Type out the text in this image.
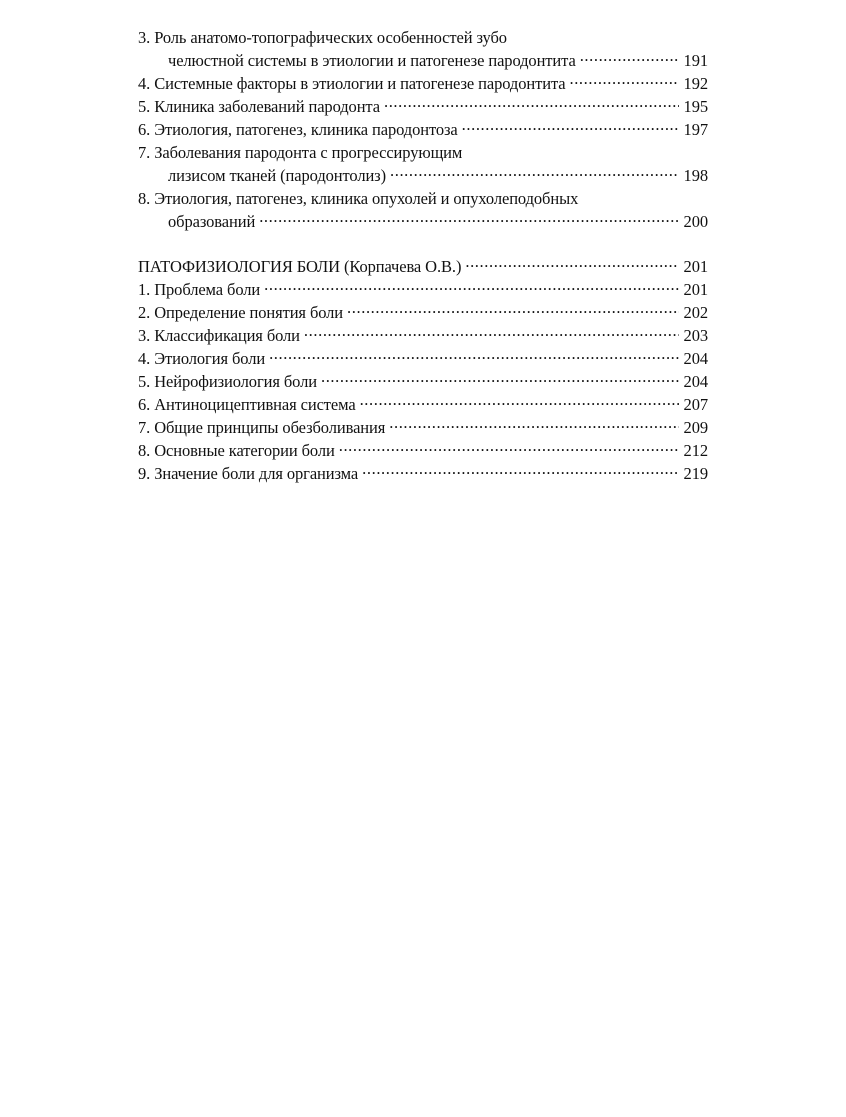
3. Роль анатомо-топографических особенностей зубо
челюстной системы в этиологии и патогенезе пародонтита .....	191
4. Системные факторы в этиологии и патогенезе пародонтита .....	192
5. Клиника заболеваний пародонта .....	195
6. Этиология, патогенез, клиника пародонтоза .....	197
7. Заболевания пародонта с прогрессирующим
лизисом тканей (пародонтолиз) .....	198
8. Этиология, патогенез, клиника опухолей и опухолеподобных
образований .....	200
ПАТОФИЗИОЛОГИЯ БОЛИ (Корпачева О.В.) .....	201
1. Проблема боли .....	201
2. Определение понятия боли .....	202
3. Классификация боли .....	203
4. Этиология боли .....	204
5. Нейрофизиология боли .....	204
6. Антиноцицептивная система .....	207
7. Общие принципы обезболивания .....	209
8. Основные категории боли .....	212
9. Значение боли для организма .....	219
